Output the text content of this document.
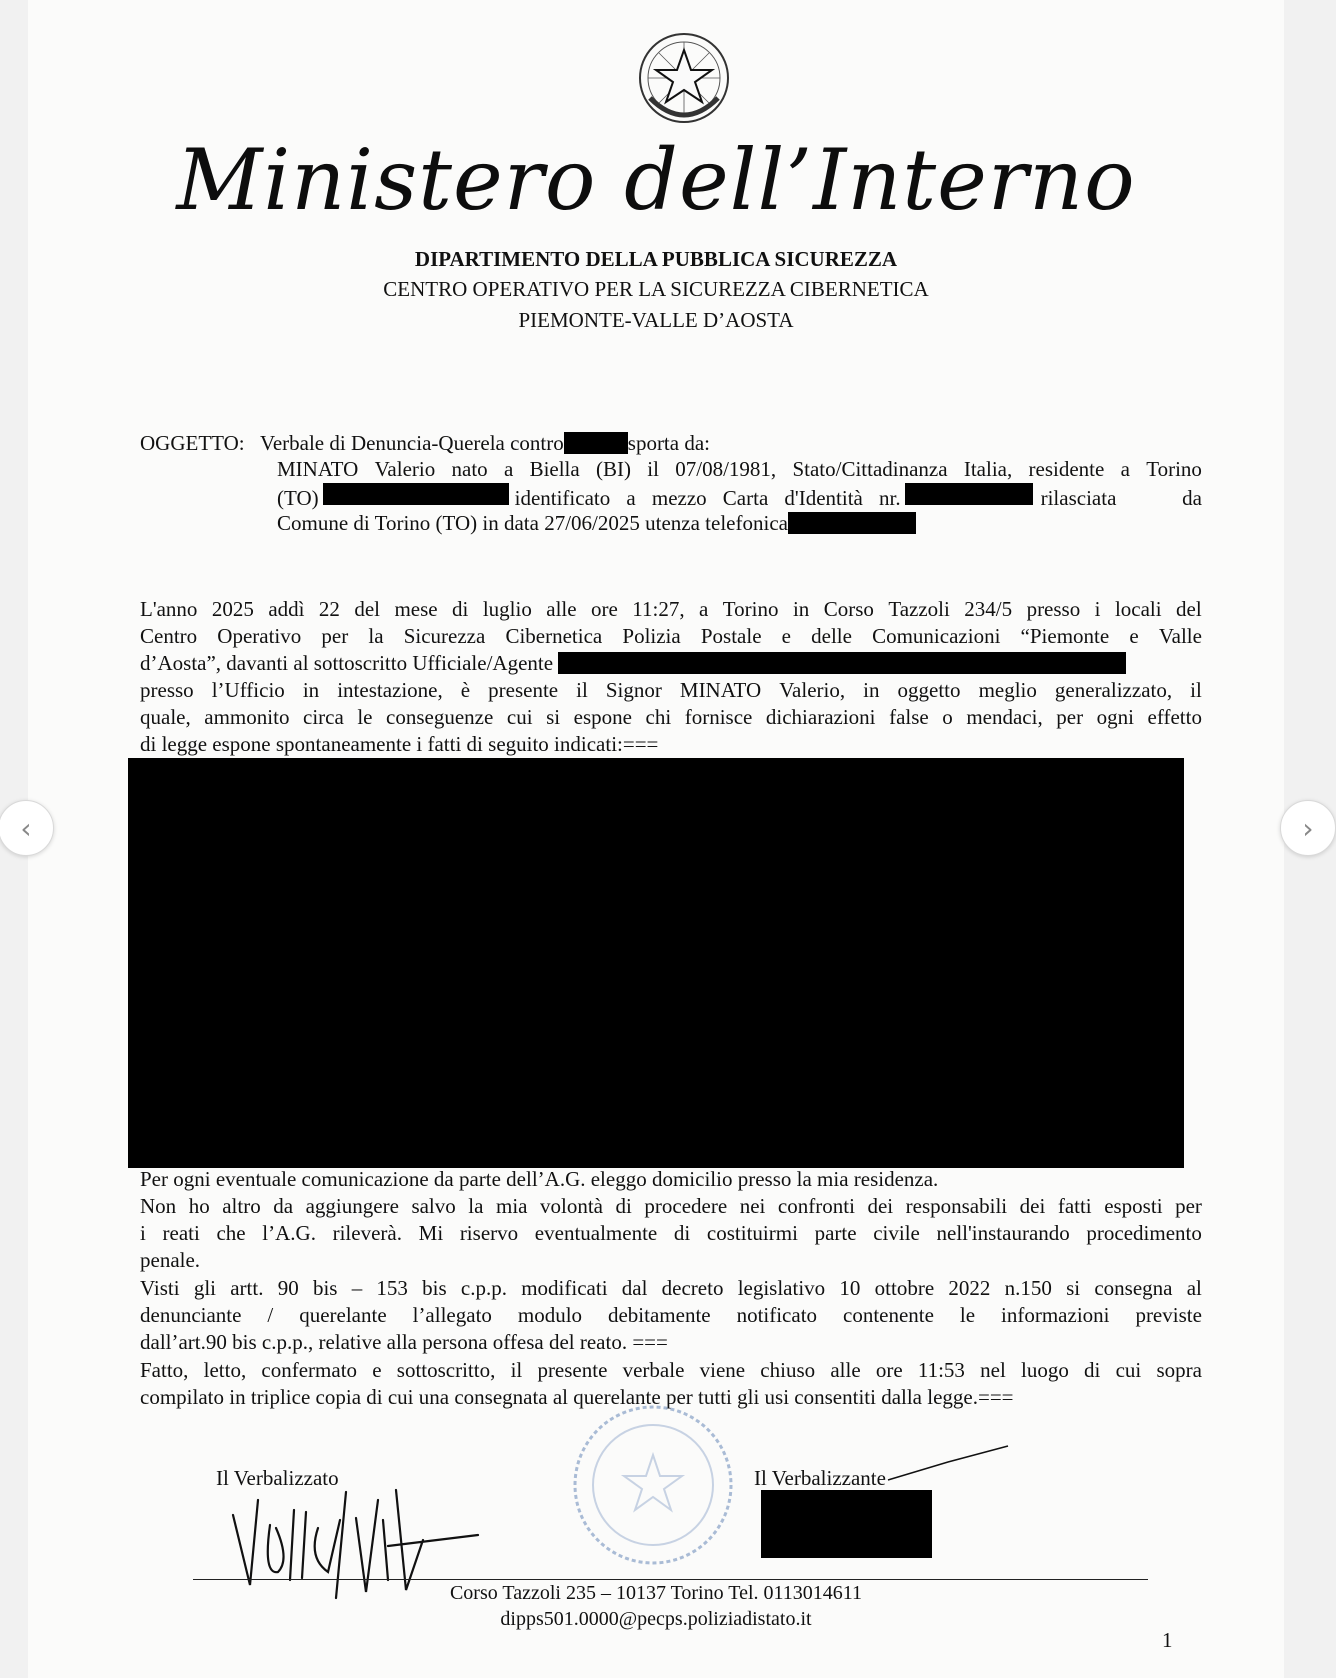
Ministero dell’Interno
DIPARTIMENTO DELLA PUBBLICA SICUREZZA
CENTRO OPERATIVO PER LA SICUREZZA CIBERNETICA
PIEMONTE-VALLE D’AOSTA
OGGETTO: Verbale di Denuncia-Querela contro	sporta da:
MINATO Valerio nato a Biella (BI) il 07/08/1981, Stato/Cittadinanza Italia, residente a Torino
(TO)	identificato a mezzo Carta d'Identità nr.	rilasciata	da
Comune di Torino (TO) in data 27/06/2025 utenza telefonica
L'anno 2025 addì 22 del mese di luglio alle ore 11:27, a Torino in Corso Tazzoli 234/5 presso i locali del
Centro Operativo per la Sicurezza Cibernetica Polizia Postale e delle Comunicazioni “Piemonte e Valle
d’Aosta”, davanti al sottoscritto Ufficiale/Agente
presso l’Ufficio in intestazione, è presente il Signor MINATO Valerio, in oggetto meglio generalizzato, il
quale, ammonito circa le conseguenze cui si espone chi fornisce dichiarazioni false o mendaci, per ogni effetto
di legge espone spontaneamente i fatti di seguito indicati:===
Per ogni eventuale comunicazione da parte dell’A.G. eleggo domicilio presso la mia residenza.
Non ho altro da aggiungere salvo la mia volontà di procedere nei confronti dei responsabili dei fatti esposti per
i reati che l’A.G. rileverà. Mi riservo eventualmente di costituirmi parte civile nell'instaurando procedimento
penale.
Visti gli artt. 90 bis – 153 bis c.p.p. modificati dal decreto legislativo 10 ottobre 2022 n.150 si consegna al
denunciante / querelante l’allegato modulo debitamente notificato contenente le informazioni previste
dall’art.90 bis c.p.p., relative alla persona offesa del reato. ===
Fatto, letto, confermato e sottoscritto, il presente verbale viene chiuso alle ore 11:53 nel luogo di cui sopra
compilato in triplice copia di cui una consegnata al querelante per tutti gli usi consentiti dalla legge.===
Il Verbalizzato	Il Verbalizzante
Corso Tazzoli 235 – 10137 Torino Tel. 0113014611
dipps501.0000@pecps.poliziadistato.it
1
‹	›
